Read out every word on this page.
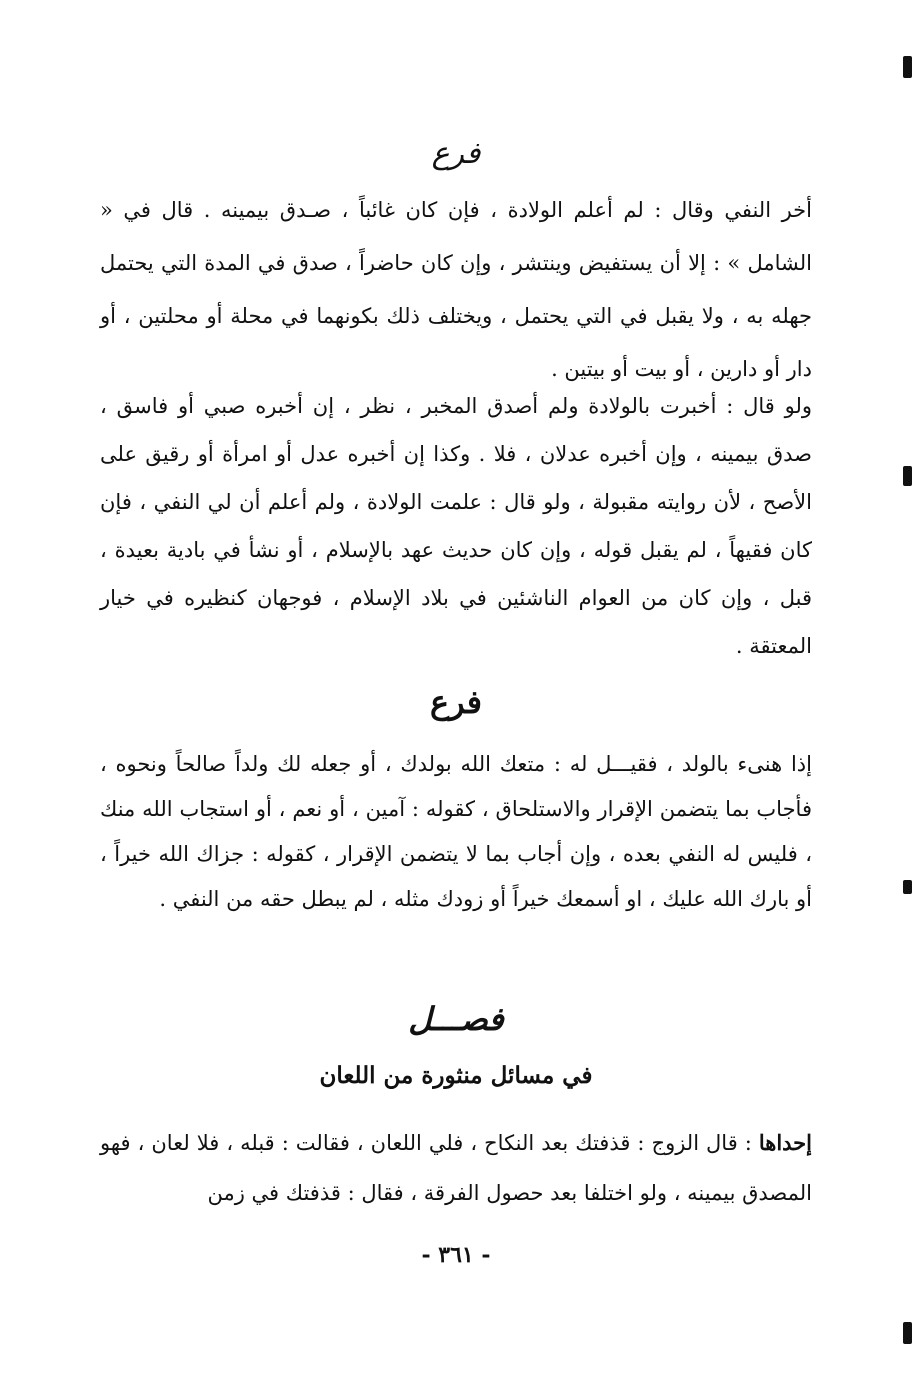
فرع

أخر النفي وقال : لم أعلم الولادة ، فإن كان غائباً ، صـدق بيمينه . قال في « الشامل » : إلا أن يستفيض وينتشر ، وإن كان حاضراً ، صدق في المدة التي يحتمل جهله به ، ولا يقبل في التي يحتمل ، ويختلف ذلك بكونهما في محلة أو محلتين ، أو دار أو دارين ، أو بيت أو بيتين .

ولو قال : أخبرت بالولادة ولم أصدق المخبر ، نظر ، إن أخبره صبي أو فاسق ، صدق بيمينه ، وإن أخبره عدلان ، فلا . وكذا إن أخبره عدل أو امرأة أو رقيق على الأصح ، لأن روايته مقبولة ، ولو قال : علمت الولادة ، ولم أعلم أن لي النفي ، فإن كان فقيهاً ، لم يقبل قوله ، وإن كان حديث عهد بالإسلام ، أو نشأ في بادية بعيدة ، قبل ، وإن كان من العوام الناشئين في بلاد الإسلام ، فوجهان كنظيره في خيار المعتقة .

فرع

إذا هنىء بالولد ، فقيـــل له : متعك الله بولدك ، أو جعله لك ولداً صالحاً ونحوه ، فأجاب بما يتضمن الإقرار والاستلحاق ، كقوله : آمين ، أو نعم ، أو استجاب الله منك ، فليس له النفي بعده ، وإن أجاب بما لا يتضمن الإقرار ، كقوله : جزاك الله خيراً ، أو بارك الله عليك ، او أسمعك خيراً أو زودك مثله ، لم يبطل حقه من النفي .

فصـــل
في مسائل منثورة من اللعان

إحداها : قال الزوج : قذفتك بعد النكاح ، فلي اللعان ، فقالت : قبله ، فلا لعان ، فهو المصدق بيمينه ، ولو اختلفا بعد حصول الفرقة ، فقال : قذفتك في زمن

- ٣٦١ -
